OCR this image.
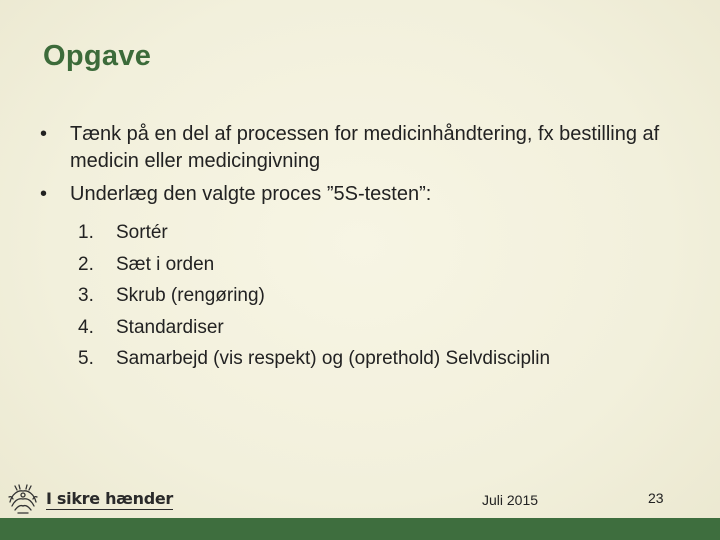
Opgave
• Tænk på en del af processen for medicinhåndtering, fx bestilling af medicin eller medicingivning
• Underlæg den valgte proces ”5S-testen”:
1. Sortér
2. Sæt i orden
3. Skrub (rengøring)
4. Standardiser
5. Samarbejd (vis respekt) og (oprethold) Selvdisciplin
I sikre hænder	Juli 2015	23
